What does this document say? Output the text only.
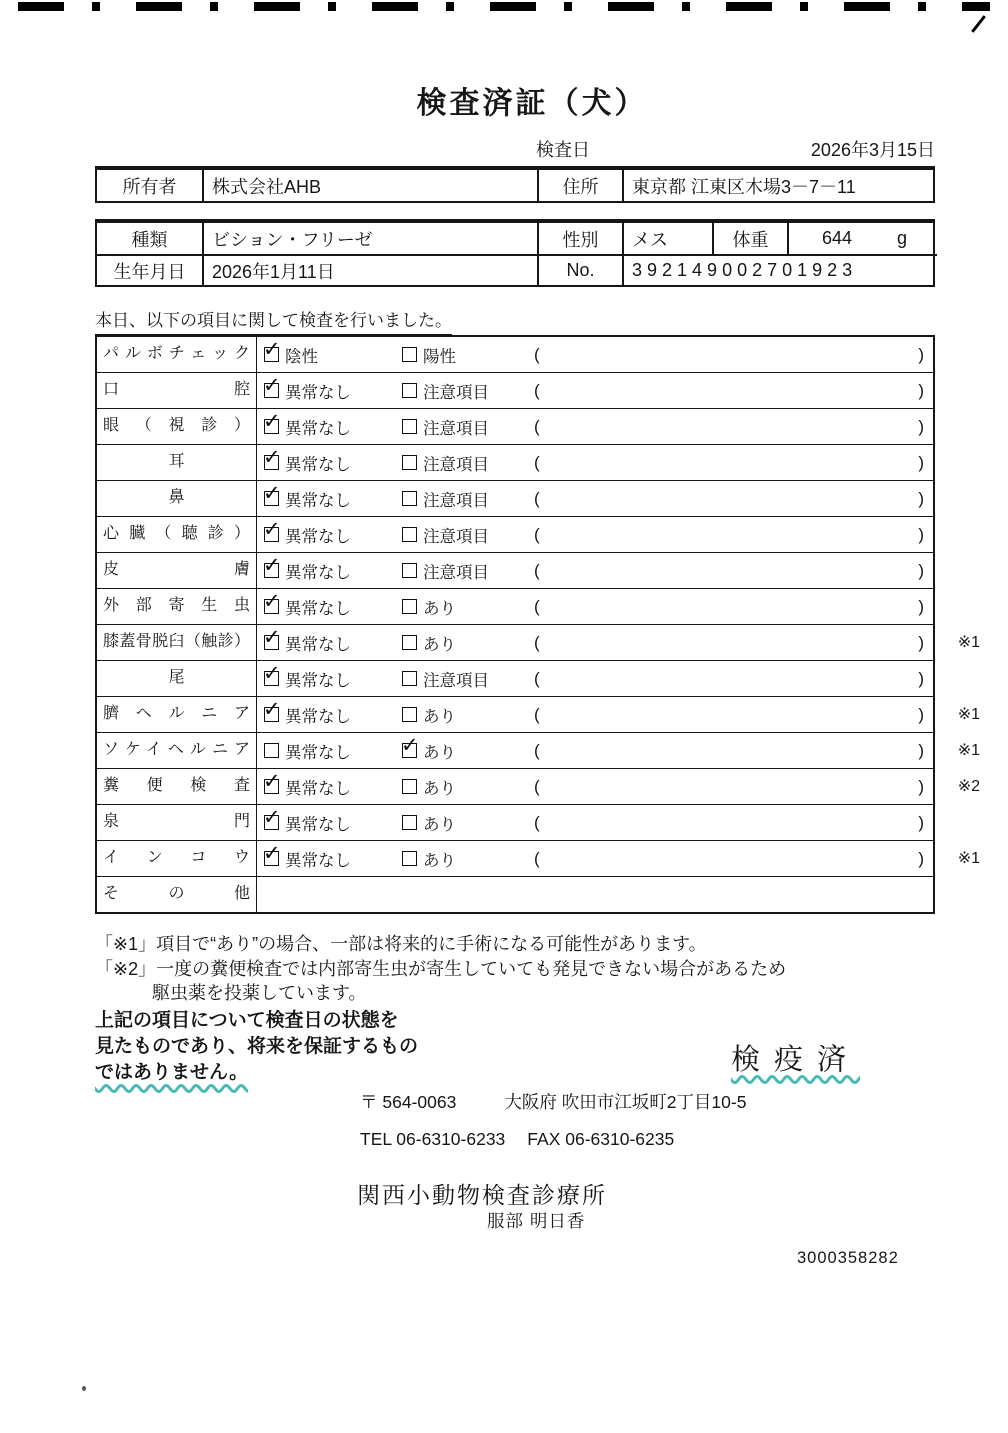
検査済証（犬）
検査日	2026年3月15日
所有者	株式会社AHB	住所	東京都 江東区木場3－7－11
種類	ビション・フリーゼ	性別	メス	体重	644	g
生年月日	2026年1月11日	No.	392149002701923
本日、以下の項目に関して検査を行いました。
パルボチェック ✓	陰性	陽性	(	)
口腔 ✓	異常なし	注意項目	(	)
眼（視診） ✓	異常なし	注意項目	(	)
耳 ✓	異常なし	注意項目	(	)
鼻 ✓	異常なし	注意項目	(	)
心臓（聴診） ✓	異常なし	注意項目	(	)
皮膚 ✓	異常なし	注意項目	(	)
外部寄生虫 ✓	異常なし	あり	(	)
膝蓋骨脱臼（触診） ✓	異常なし	あり	(	) ※1
尾 ✓	異常なし	注意項目	(	)
臍ヘルニア ✓	異常なし	あり	(	) ※1
ソケイヘルニア	異常なし ✓	あり	(	) ※1
糞便検査 ✓	異常なし	あり	(	) ※2
泉門 ✓	異常なし	あり	(	)
インコウ ✓	異常なし	あり	(	) ※1
その他
「※1」項目で“あり”の場合、一部は将来的に手術になる可能性があります。
「※2」一度の糞便検査では内部寄生虫が寄生していても発見できない場合があるため
駆虫薬を投薬しています。
上記の項目について検査日の状態を
見たものであり、将来を保証するもの
ではありません。	検疫済
〒 564-0063	大阪府 吹田市江坂町2丁目10-5
TEL 06-6310-6233 FAX 06-6310-6235
関西小動物検査診療所
服部 明日香
3000358282
